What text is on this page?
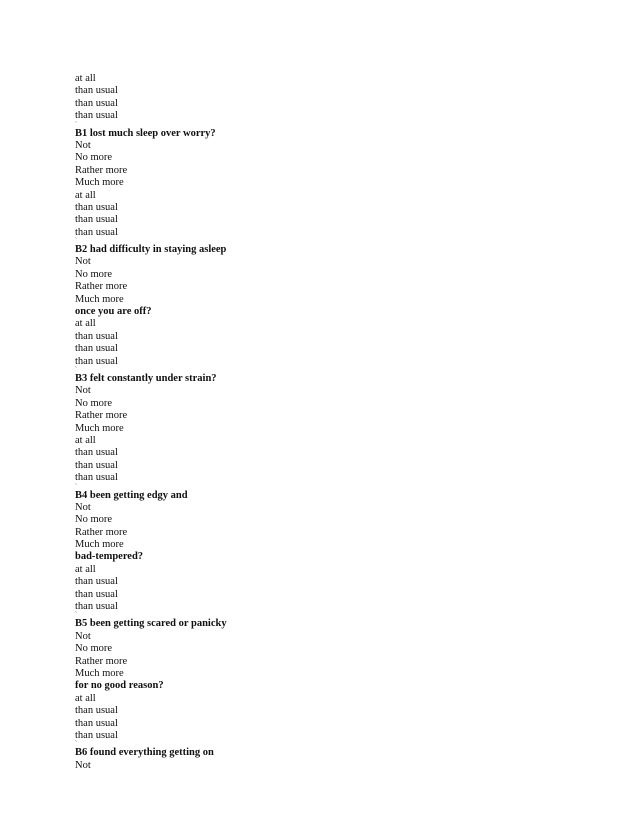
at all
than usual
than usual
than usual
`
B1 lost much sleep over worry?
Not
No more
Rather more
Much more
at all
than usual
than usual
than usual
`
B2 had difficulty in staying asleep
Not
No more
Rather more
Much more
once you are off?
at all
than usual
than usual
than usual
`
B3 felt constantly under strain?
Not
No more
Rather more
Much more
at all
than usual
than usual
than usual
`
B4 been getting edgy and
Not
No more
Rather more
Much more
bad-tempered?
at all
than usual
than usual
than usual
`
B5 been getting scared or panicky
Not
No more
Rather more
Much more
for no good reason?
at all
than usual
than usual
than usual
`
B6 found everything getting on
Not
